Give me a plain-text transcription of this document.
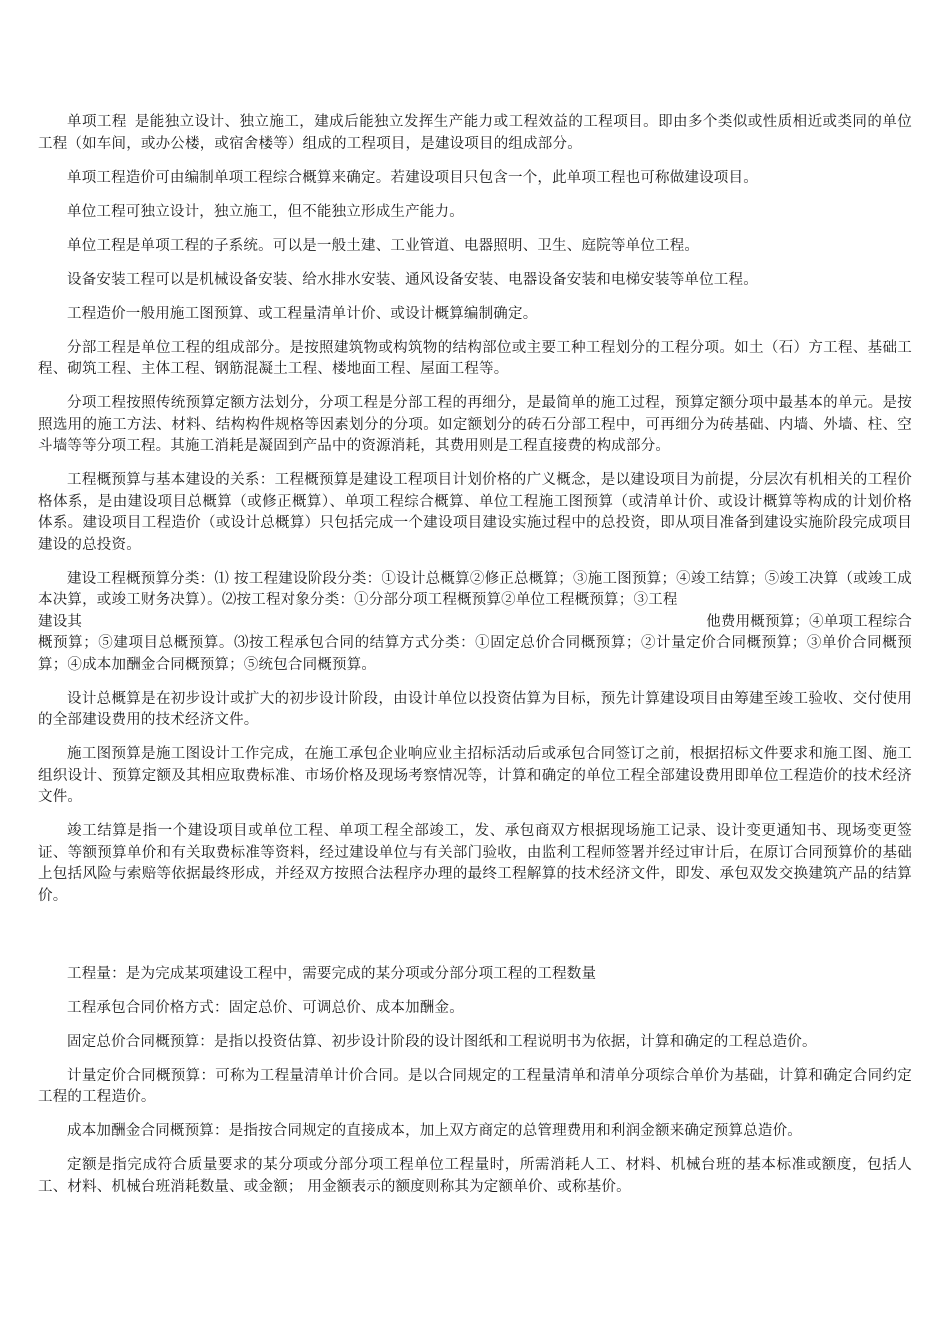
单项工程 是能独立设计、独立施工，建成后能独立发挥生产能力或工程效益的工程项目。即由多个类似或性质相近或类同的单位工程（如车间，或办公楼，或宿舍楼等）组成的工程项目，是建设项目的组成部分。

单项工程造价可由编制单项工程综合概算来确定。若建设项目只包含一个，此单项工程也可称做建设项目。

单位工程可独立设计，独立施工，但不能独立形成生产能力。

单位工程是单项工程的子系统。可以是一般土建、工业管道、电器照明、卫生、庭院等单位工程。

设备安装工程可以是机械设备安装、给水排水安装、通风设备安装、电器设备安装和电梯安装等单位工程。

工程造价一般用施工图预算、或工程量清单计价、或设计概算编制确定。

分部工程是单位工程的组成部分。是按照建筑物或构筑物的结构部位或主要工种工程划分的工程分项。如土（石）方工程、基础工程、砌筑工程、主体工程、钢筋混凝土工程、楼地面工程、屋面工程等。

分项工程按照传统预算定额方法划分，分项工程是分部工程的再细分，是最简单的施工过程，预算定额分项中最基本的单元。是按照选用的施工方法、材料、结构构件规格等因素划分的分项。如定额划分的砖石分部工程中，可再细分为砖基础、内墙、外墙、柱、空斗墙等等分项工程。其施工消耗是凝固到产品中的资源消耗，其费用则是工程直接费的构成部分。

工程概预算与基本建设的关系：工程概预算是建设工程项目计划价格的广义概念，是以建设项目为前提，分层次有机相关的工程价格体系，是由建设项目总概算（或修正概算）、单项工程综合概算、单位工程施工图预算（或清单计价、或设计概算等构成的计划价格体系。建设项目工程造价（或设计总概算）只包括完成一个建设项目建设实施过程中的总投资，即从项目准备到建设实施阶段完成项目建设的总投资。

建设工程概预算分类：⑴ 按工程建设阶段分类：①设计总概算②修正总概算；③施工图预算；④竣工结算；⑤竣工决算（或竣工成本决算，或竣工财务决算）。⑵按工程对象分类：①分部分项工程概预算②单位工程概预算；③工程

建设其	他费用概预算；④单项工程综合

概预算；⑤建项目总概预算。⑶按工程承包合同的结算方式分类：①固定总价合同概预算；②计量定价合同概预算；③单价合同概预算；④成本加酬金合同概预算；⑤统包合同概预算。

设计总概算是在初步设计或扩大的初步设计阶段，由设计单位以投资估算为目标，预先计算建设项目由筹建至竣工验收、交付使用的全部建设费用的技术经济文件。

施工图预算是施工图设计工作完成，在施工承包企业响应业主招标活动后或承包合同签订之前，根据招标文件要求和施工图、施工组织设计、预算定额及其相应取费标准、市场价格及现场考察情况等，计算和确定的单位工程全部建设费用即单位工程造价的技术经济文件。

竣工结算是指一个建设项目或单位工程、单项工程全部竣工，发、承包商双方根据现场施工记录、设计变更通知书、现场变更签证、等额预算单价和有关取费标准等资料，经过建设单位与有关部门验收，由监利工程师签署并经过审计后，在原订合同预算价的基础上包括风险与索赔等依据最终形成，并经双方按照合法程序办理的最终工程解算的技术经济文件，即发、承包双发交换建筑产品的结算价。

工程量：是为完成某项建设工程中，需要完成的某分项或分部分项工程的工程数量

工程承包合同价格方式：固定总价、可调总价、成本加酬金。

固定总价合同概预算：是指以投资估算、初步设计阶段的设计图纸和工程说明书为依据，计算和确定的工程总造价。

计量定价合同概预算：可称为工程量清单计价合同。是以合同规定的工程量清单和清单分项综合单价为基础，计算和确定合同约定工程的工程造价。

成本加酬金合同概预算：是指按合同规定的直接成本，加上双方商定的总管理费用和利润金额来确定预算总造价。

定额是指完成符合质量要求的某分项或分部分项工程单位工程量时，所需消耗人工、材料、机械台班的基本标准或额度，包括人工、材料、机械台班消耗数量、或金额； 用金额表示的额度则称其为定额单价、或称基价。
